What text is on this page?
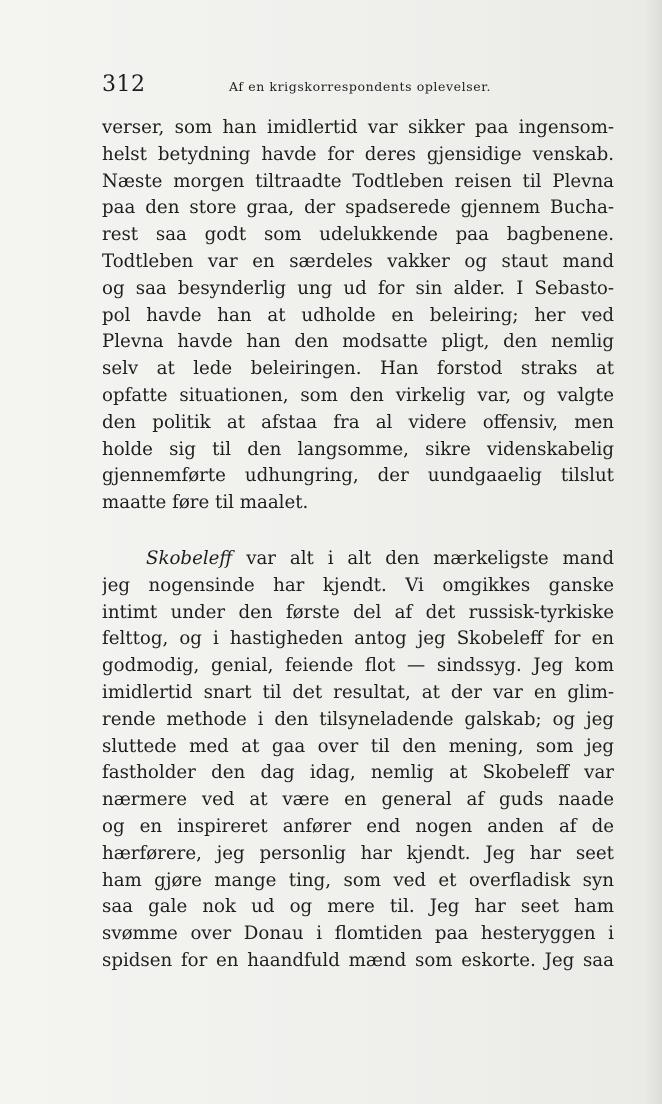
312	Af en krigskorrespondents oplevelser.
verser, som han imidlertid var sikker paa ingensom-
helst betydning havde for deres gjensidige venskab.
Næste morgen tiltraadte Todtleben reisen til Plevna
paa den store graa, der spadserede gjennem Bucha-
rest saa godt som udelukkende paa bagbenene.
Todtleben var en særdeles vakker og staut mand
og saa besynderlig ung ud for sin alder. I Sebasto-
pol havde han at udholde en beleiring; her ved
Plevna havde han den modsatte pligt, den nemlig
selv at lede beleiringen. Han forstod straks at
opfatte situationen, som den virkelig var, og valgte
den politik at afstaa fra al videre offensiv, men
holde sig til den langsomme, sikre videnskabelig
gjennemførte udhungring, der uundgaaelig tilslut
maatte føre til maalet.
Skobeleff var alt i alt den mærkeligste mand
jeg nogensinde har kjendt. Vi omgikkes ganske
intimt under den første del af det russisk-tyrkiske
felttog, og i hastigheden antog jeg Skobeleff for en
godmodig, genial, feiende flot — sindssyg. Jeg kom
imidlertid snart til det resultat, at der var en glim-
rende methode i den tilsyneladende galskab; og jeg
sluttede med at gaa over til den mening, som jeg
fastholder den dag idag, nemlig at Skobeleff var
nærmere ved at være en general af guds naade
og en inspireret anfører end nogen anden af de
hærførere, jeg personlig har kjendt. Jeg har seet
ham gjøre mange ting, som ved et overfladisk syn
saa gale nok ud og mere til. Jeg har seet ham
svømme over Donau i flomtiden paa hesteryggen i
spidsen for en haandfuld mænd som eskorte. Jeg saa
